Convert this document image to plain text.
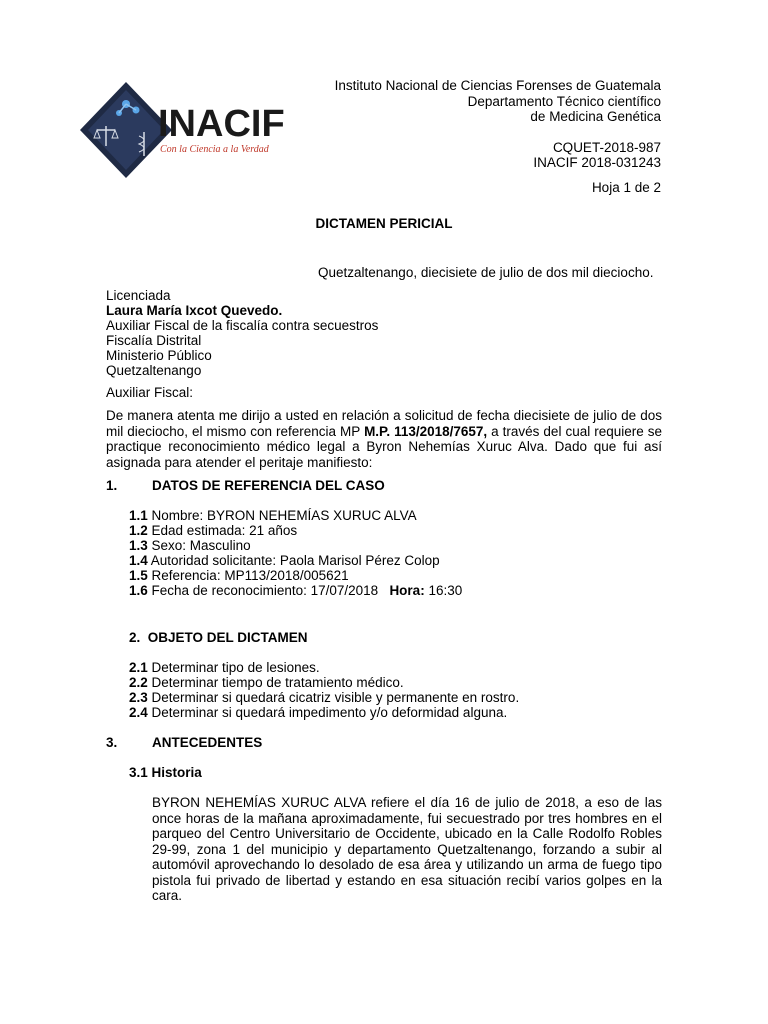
INACIF
Con la Ciencia a la Verdad
Instituto Nacional de Ciencias Forenses de Guatemala
Departamento Técnico científico
de Medicina Genética
CQUET-2018-987
INACIF 2018-031243
Hoja 1 de 2
DICTAMEN PERICIAL
Quetzaltenango, diecisiete de julio de dos mil dieciocho.
Licenciada
Laura María Ixcot Quevedo.
Auxiliar Fiscal de la fiscalía contra secuestros
Fiscalía Distrital
Ministerio Público
Quetzaltenango
Auxiliar Fiscal:
De manera atenta me dirijo a usted en relación a solicitud de fecha diecisiete de julio de dos mil dieciocho, el mismo con referencia MP M.P. 113/2018/7657, a través del cual requiere se practique reconocimiento médico legal a Byron Nehemías Xuruc Alva. Dado que fui así asignada para atender el peritaje manifiesto:
1.	DATOS DE REFERENCIA DEL CASO
1.1 Nombre: BYRON NEHEMÍAS XURUC ALVA
1.2 Edad estimada: 21 años
1.3 Sexo: Masculino
1.4 Autoridad solicitante: Paola Marisol Pérez Colop
1.5 Referencia: MP113/2018/005621
1.6 Fecha de reconocimiento: 17/07/2018   Hora: 16:30
2. OBJETO DEL DICTAMEN
2.1 Determinar tipo de lesiones.
2.2 Determinar tiempo de tratamiento médico.
2.3 Determinar si quedará cicatriz visible y permanente en rostro.
2.4 Determinar si quedará impedimento y/o deformidad alguna.
3.	ANTECEDENTES
3.1 Historia
BYRON NEHEMÍAS XURUC ALVA refiere el día 16 de julio de 2018, a eso de las once horas de la mañana aproximadamente, fui secuestrado por tres hombres en el parqueo del Centro Universitario de Occidente, ubicado en la Calle Rodolfo Robles 29-99, zona 1 del municipio y departamento Quetzaltenango, forzando a subir al automóvil aprovechando lo desolado de esa área y utilizando un arma de fuego tipo pistola fui privado de libertad y estando en esa situación recibí varios golpes en la cara.
